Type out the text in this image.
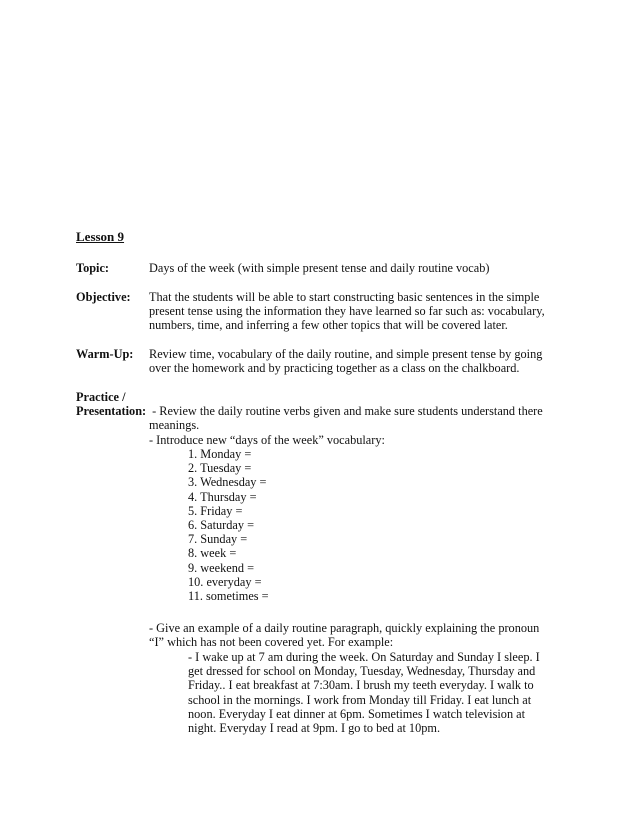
Lesson 9
Topic:	Days of the week (with simple present tense and daily routine vocab)
Objective: That the students will be able to start constructing basic sentences in the simple
present tense using the information they have learned so far such as: vocabulary,
numbers, time, and inferring a few other topics that will be covered later.
Warm-Up: Review time, vocabulary of the daily routine, and simple present tense by going
over the homework and by practicing together as a class on the chalkboard.
Practice /
Presentation: - Review the daily routine verbs given and make sure students understand there
meanings.
- Introduce new “days of the week” vocabulary:
1. Monday =
2. Tuesday =
3. Wednesday =
4. Thursday =
5. Friday =
6. Saturday =
7. Sunday =
8. week =
9. weekend =
10. everyday =
11. sometimes =
- Give an example of a daily routine paragraph, quickly explaining the pronoun
“I” which has not been covered yet. For example:
- I wake up at 7 am during the week. On Saturday and Sunday I sleep. I
get dressed for school on Monday, Tuesday, Wednesday, Thursday and
Friday.. I eat breakfast at 7:30am. I brush my teeth everyday. I walk to
school in the mornings. I work from Monday till Friday. I eat lunch at
noon. Everyday I eat dinner at 6pm. Sometimes I watch television at
night. Everyday I read at 9pm. I go to bed at 10pm.
